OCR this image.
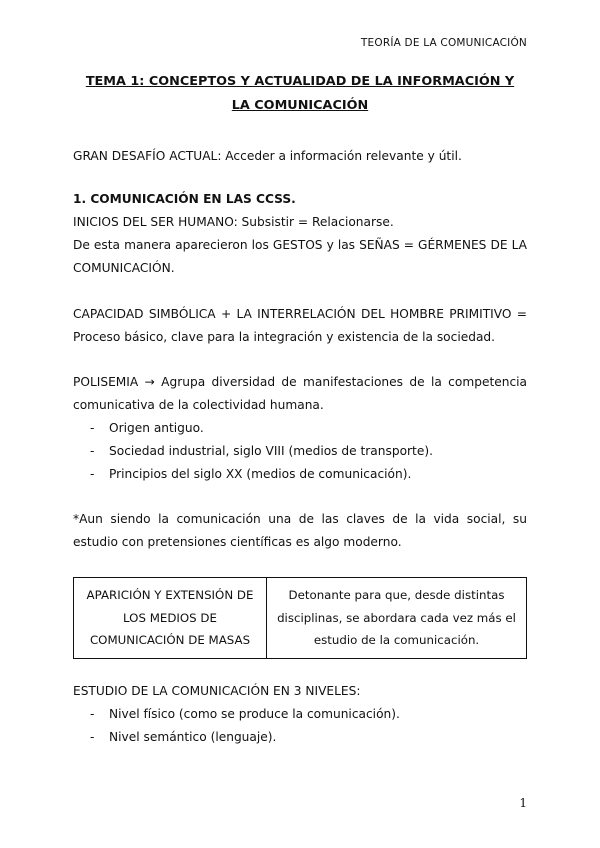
TEORÍA DE LA COMUNICACIÓN
TEMA 1: CONCEPTOS Y ACTUALIDAD DE LA INFORMACIÓN Y
LA COMUNICACIÓN
GRAN DESAFÍO ACTUAL: Acceder a información relevante y útil.
1. COMUNICACIÓN EN LAS CCSS.
INICIOS DEL SER HUMANO: Subsistir = Relacionarse.
De esta manera aparecieron los GESTOS y las SEÑAS = GÉRMENES DE LA
COMUNICACIÓN.
CAPACIDAD SIMBÓLICA + LA INTERRELACIÓN DEL HOMBRE PRIMITIVO =
Proceso básico, clave para la integración y existencia de la sociedad.
POLISEMIA → Agrupa diversidad de manifestaciones de la competencia comunicativa de la colectividad humana.
- Origen antiguo.
- Sociedad industrial, siglo VIII (medios de transporte).
- Principios del siglo XX (medios de comunicación).
*Aun siendo la comunicación una de las claves de la vida social, su estudio con pretensiones científicas es algo moderno.
APARICIÓN Y EXTENSIÓN DE LOS MEDIOS DE COMUNICACIÓN DE MASAS	Detonante para que, desde distintas disciplinas, se abordara cada vez más el estudio de la comunicación.
ESTUDIO DE LA COMUNICACIÓN EN 3 NIVELES:
- Nivel físico (como se produce la comunicación).
- Nivel semántico (lenguaje).
1
